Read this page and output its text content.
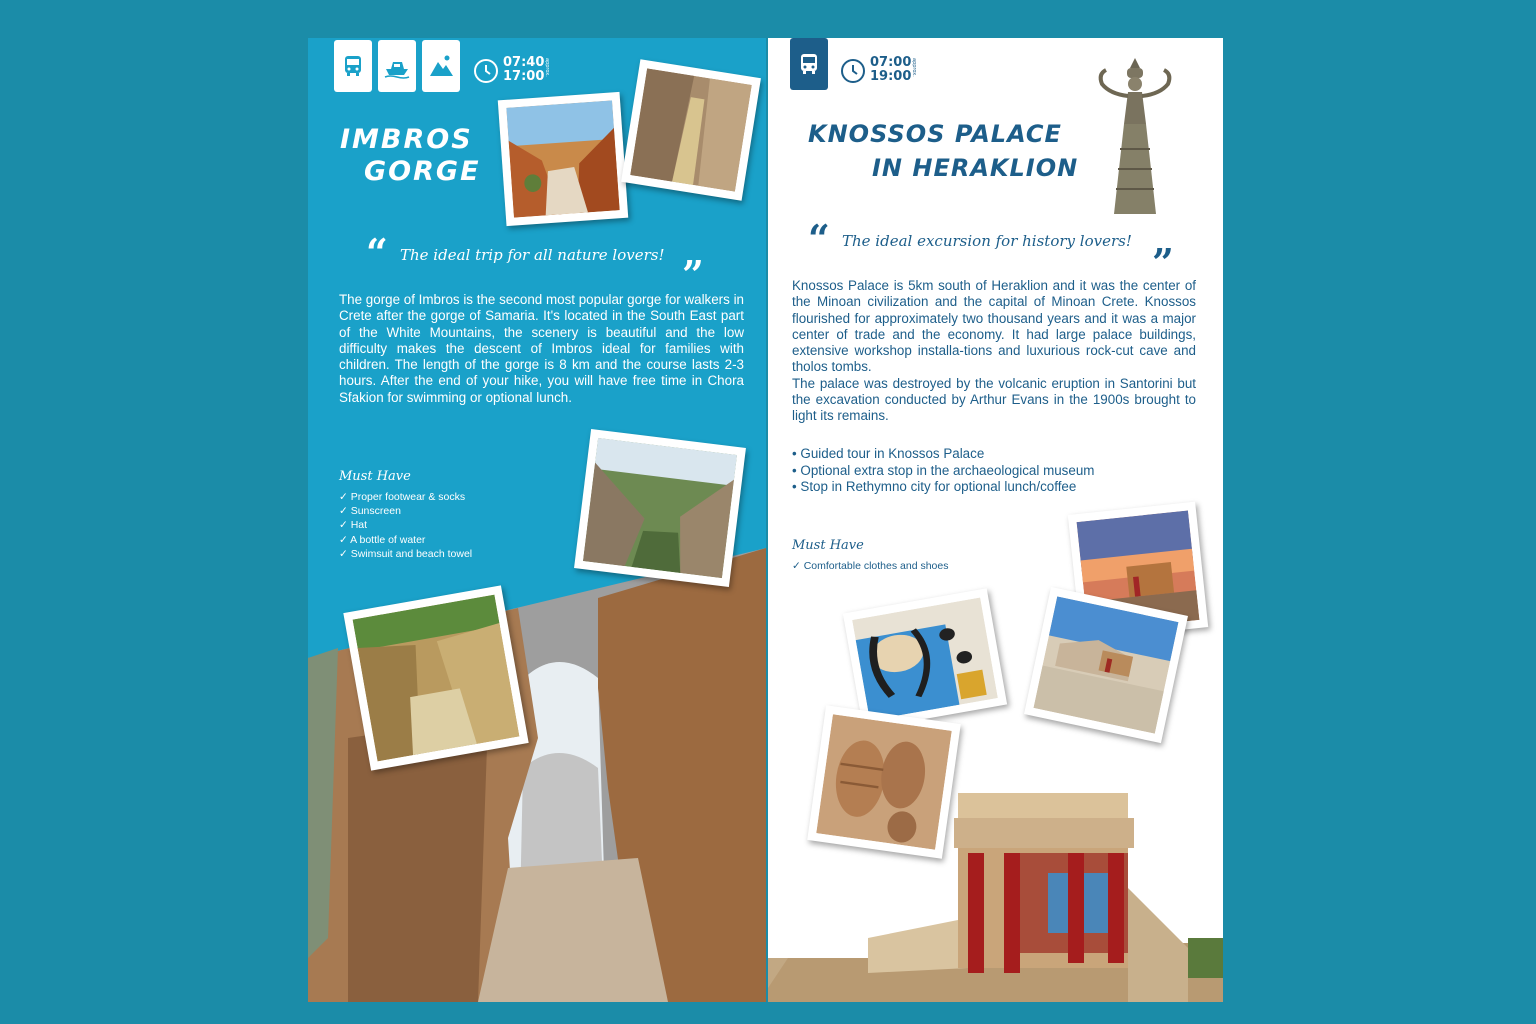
07:40
17:00 approx.
IMBROS
GORGE
“ The ideal trip for all nature lovers! ”
The gorge of Imbros is the second most popular gorge for walkers in Crete after the gorge of Samaria. It's located in the South East part of the White Mountains, the scenery is beautiful and the low difficulty makes the descent of Imbros ideal for families with children. The length of the gorge is 8 km and the course lasts 2-3 hours. After the end of your hike, you will have free time in Chora Sfakion for swimming or optional lunch.
Must Have
✓ Proper footwear & socks
✓ Sunscreen
✓ Hat
✓ A bottle of water
✓ Swimsuit and beach towel
07:00
19:00 approx.
KNOSSOS PALACE
IN HERAKLION
“ The ideal excursion for history lovers! ”
Knossos Palace is 5km south of Heraklion and it was the center of the Minoan civilization and the capital of Minoan Crete. Knossos flourished for approximately two thousand years and it was a major center of trade and the economy. It had large palace buildings, extensive workshop installa-tions and luxurious rock-cut cave and tholos tombs.
The palace was destroyed by the volcanic eruption in Santorini but the excavation conducted by Arthur Evans in the 1900s brought to light its remains.
• Guided tour in Knossos Palace
• Optional extra stop in the archaeological museum
• Stop in Rethymno city for optional lunch/coffee
Must Have
✓ Comfortable clothes and shoes
